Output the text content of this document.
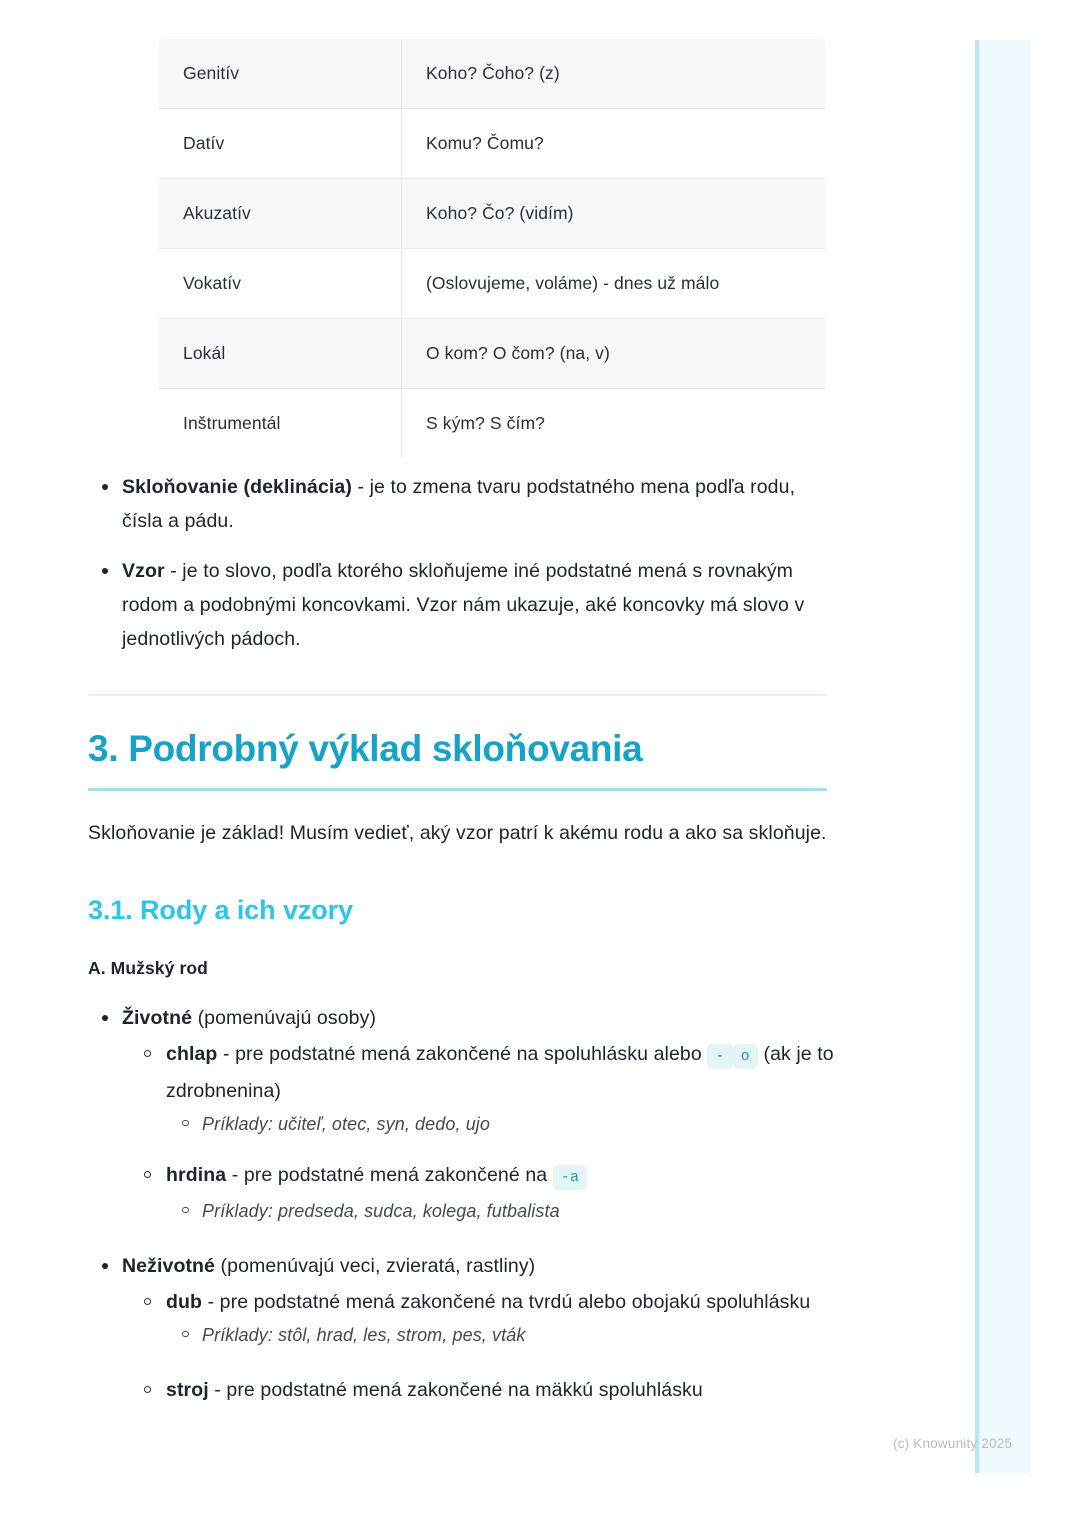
Genitív	Koho? Čoho? (z)
Datív	Komu? Čomu?
Akuzatív	Koho? Čo? (vidím)
Vokatív	(Oslovujeme, voláme) - dnes už málo
Lokál	O kom? O čom? (na, v)
Inštrumentál	S kým? S čím?
Skloňovanie (deklinácia) - je to zmena tvaru podstatného mena podľa rodu, čísla a pádu.
Vzor - je to slovo, podľa ktorého skloňujeme iné podstatné mená s rovnakým rodom a podobnými koncovkami. Vzor nám ukazuje, aké koncovky má slovo v jednotlivých pádoch.
3. Podrobný výklad skloňovania

Skloňovanie je základ! Musím vedieť, aký vzor patrí k akému rodu a ako sa skloňuje.

3.1. Rody a ich vzory
A. Mužský rod
Životné (pomenúvajú osoby)
chlap - pre podstatné mená zakončené na spoluhlásku alebo - o (ak je to zdrobnenina)
Príklady: učiteľ, otec, syn, dedo, ujo
hrdina - pre podstatné mená zakončené na -a
Príklady: predseda, sudca, kolega, futbalista
Neživotné (pomenúvajú veci, zvieratá, rastliny)
dub - pre podstatné mená zakončené na tvrdú alebo obojakú spoluhlásku
Príklady: stôl, hrad, les, strom, pes, vták
stroj - pre podstatné mená zakončené na mäkkú spoluhlásku
(c) Knowunity 2025
